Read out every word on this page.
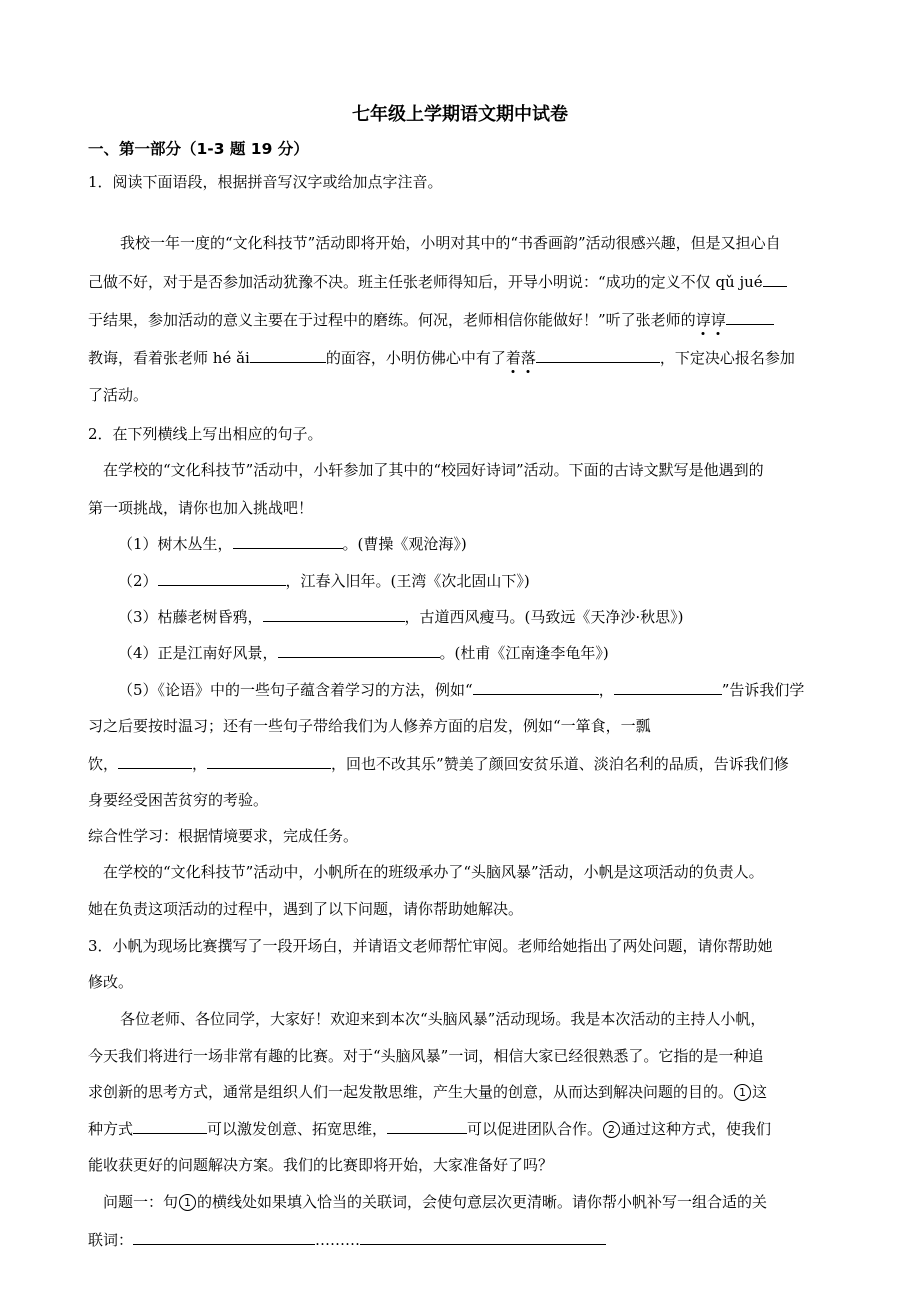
七年级上学期语文期中试卷
一、第一部分（1-3 题 19 分）
1．阅读下面语段，根据拼音写汉字或给加点字注音。
我校一年一度的“文化科技节”活动即将开始，小明对其中的“书香画韵”活动很感兴趣，但是又担心自
己做不好，对于是否参加活动犹豫不决。班主任张老师得知后，开导小明说：“成功的定义不仅 qǔ jué
于结果，参加活动的意义主要在于过程中的磨练。何况，老师相信你能做好！”听了张老师的谆谆
教诲，看着张老师 hé ǎi	的面容，小明仿佛心中有了着落	，下定决心报名参加
了活动。
2．在下列横线上写出相应的句子。
在学校的“文化科技节”活动中，小轩参加了其中的“校园好诗词”活动。下面的古诗文默写是他遇到的
第一项挑战，请你也加入挑战吧！
（1）树木丛生，	。(曹操《观沧海》)
（2）	，江春入旧年。(王湾《次北固山下》)
（3）枯藤老树昏鸦，	，古道西风瘦马。(马致远《天净沙·秋思》)
（4）正是江南好风景，	。(杜甫《江南逢李龟年》)
（5）《论语》中的一些句子蕴含着学习的方法，例如“	，	”告诉我们学
习之后要按时温习；还有一些句子带给我们为人修养方面的启发，例如“一箪食，一瓢
饮，	，	，回也不改其乐”赞美了颜回安贫乐道、淡泊名利的品质，告诉我们修
身要经受困苦贫穷的考验。
综合性学习：根据情境要求，完成任务。
在学校的“文化科技节”活动中，小帆所在的班级承办了“头脑风暴”活动，小帆是这项活动的负责人。
她在负责这项活动的过程中，遇到了以下问题，请你帮助她解决。
3．小帆为现场比赛撰写了一段开场白，并请语文老师帮忙审阅。老师给她指出了两处问题，请你帮助她
修改。
各位老师、各位同学，大家好！欢迎来到本次“头脑风暴”活动现场。我是本次活动的主持人小帆，
今天我们将进行一场非常有趣的比赛。对于“头脑风暴”一词，相信大家已经很熟悉了。它指的是一种追
求创新的思考方式，通常是组织人们一起发散思维，产生大量的创意，从而达到解决问题的目的。 1 这
种方式	可以激发创意、拓宽思维，	可以促进团队合作。 2 通过这种方式，使我们
能收获更好的问题解决方案。我们的比赛即将开始，大家准备好了吗？
问题一：句 1 的横线处如果填入恰当的关联词，会使句意层次更清晰。请你帮小帆补写一组合适的关
联词：	………
